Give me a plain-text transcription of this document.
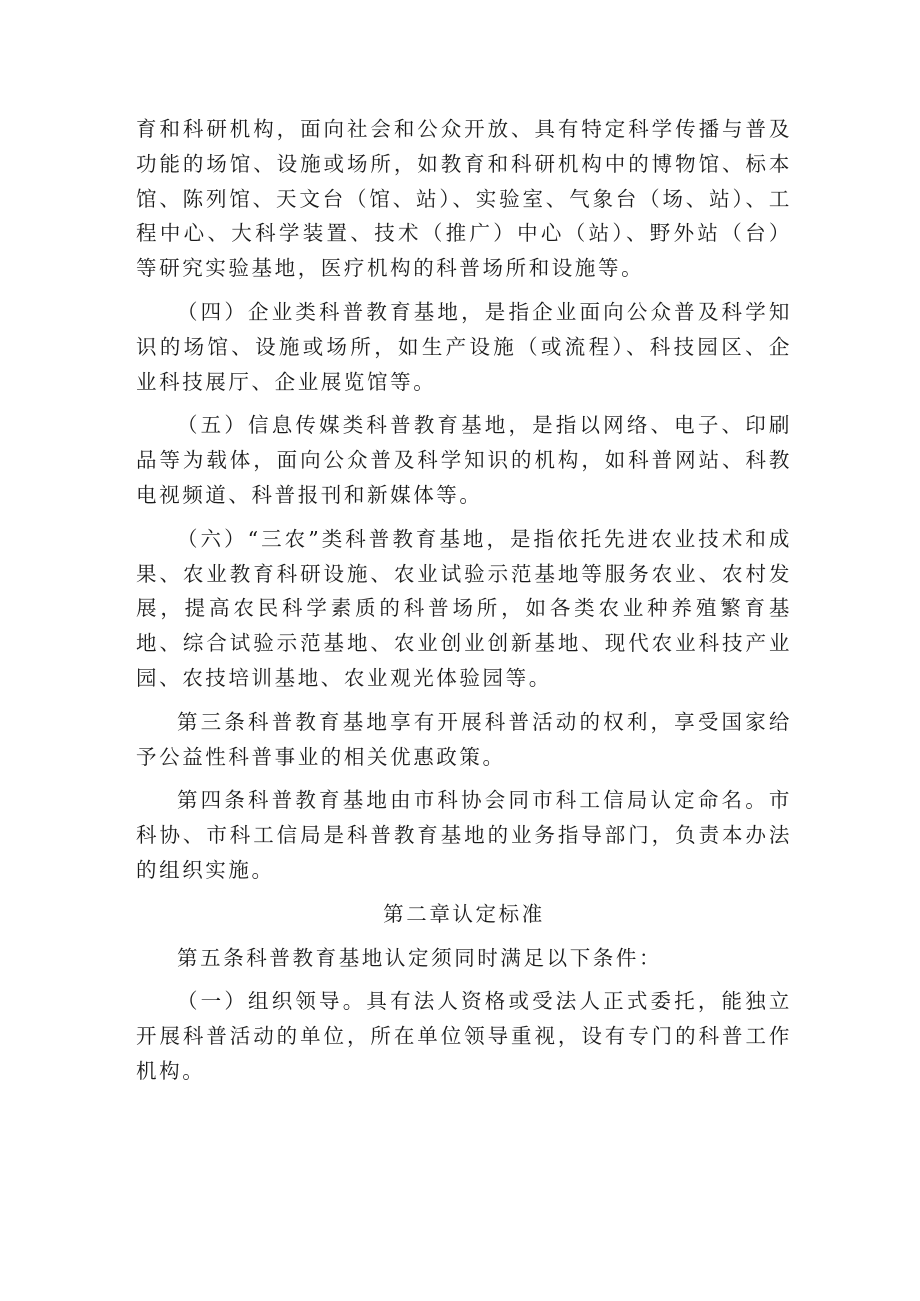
育和科研机构，面向社会和公众开放、具有特定科学传播与普及功能的场馆、设施或场所，如教育和科研机构中的博物馆、标本馆、陈列馆、天文台（馆、站）、实验室、气象台（场、站）、工程中心、大科学装置、技术（推广）中心（站）、野外站（台）等研究实验基地，医疗机构的科普场所和设施等。

（四）企业类科普教育基地，是指企业面向公众普及科学知识的场馆、设施或场所，如生产设施（或流程）、科技园区、企业科技展厅、企业展览馆等。

（五）信息传媒类科普教育基地，是指以网络、电子、印刷品等为载体，面向公众普及科学知识的机构，如科普网站、科教电视频道、科普报刊和新媒体等。

（六）“三农”类科普教育基地，是指依托先进农业技术和成果、农业教育科研设施、农业试验示范基地等服务农业、农村发展，提高农民科学素质的科普场所，如各类农业种养殖繁育基地、综合试验示范基地、农业创业创新基地、现代农业科技产业园、农技培训基地、农业观光体验园等。

第三条科普教育基地享有开展科普活动的权利，享受国家给予公益性科普事业的相关优惠政策。

第四条科普教育基地由市科协会同市科工信局认定命名。市科协、市科工信局是科普教育基地的业务指导部门，负责本办法的组织实施。

第二章认定标准

第五条科普教育基地认定须同时满足以下条件：

（一）组织领导。具有法人资格或受法人正式委托，能独立开展科普活动的单位，所在单位领导重视，设有专门的科普工作机构。
